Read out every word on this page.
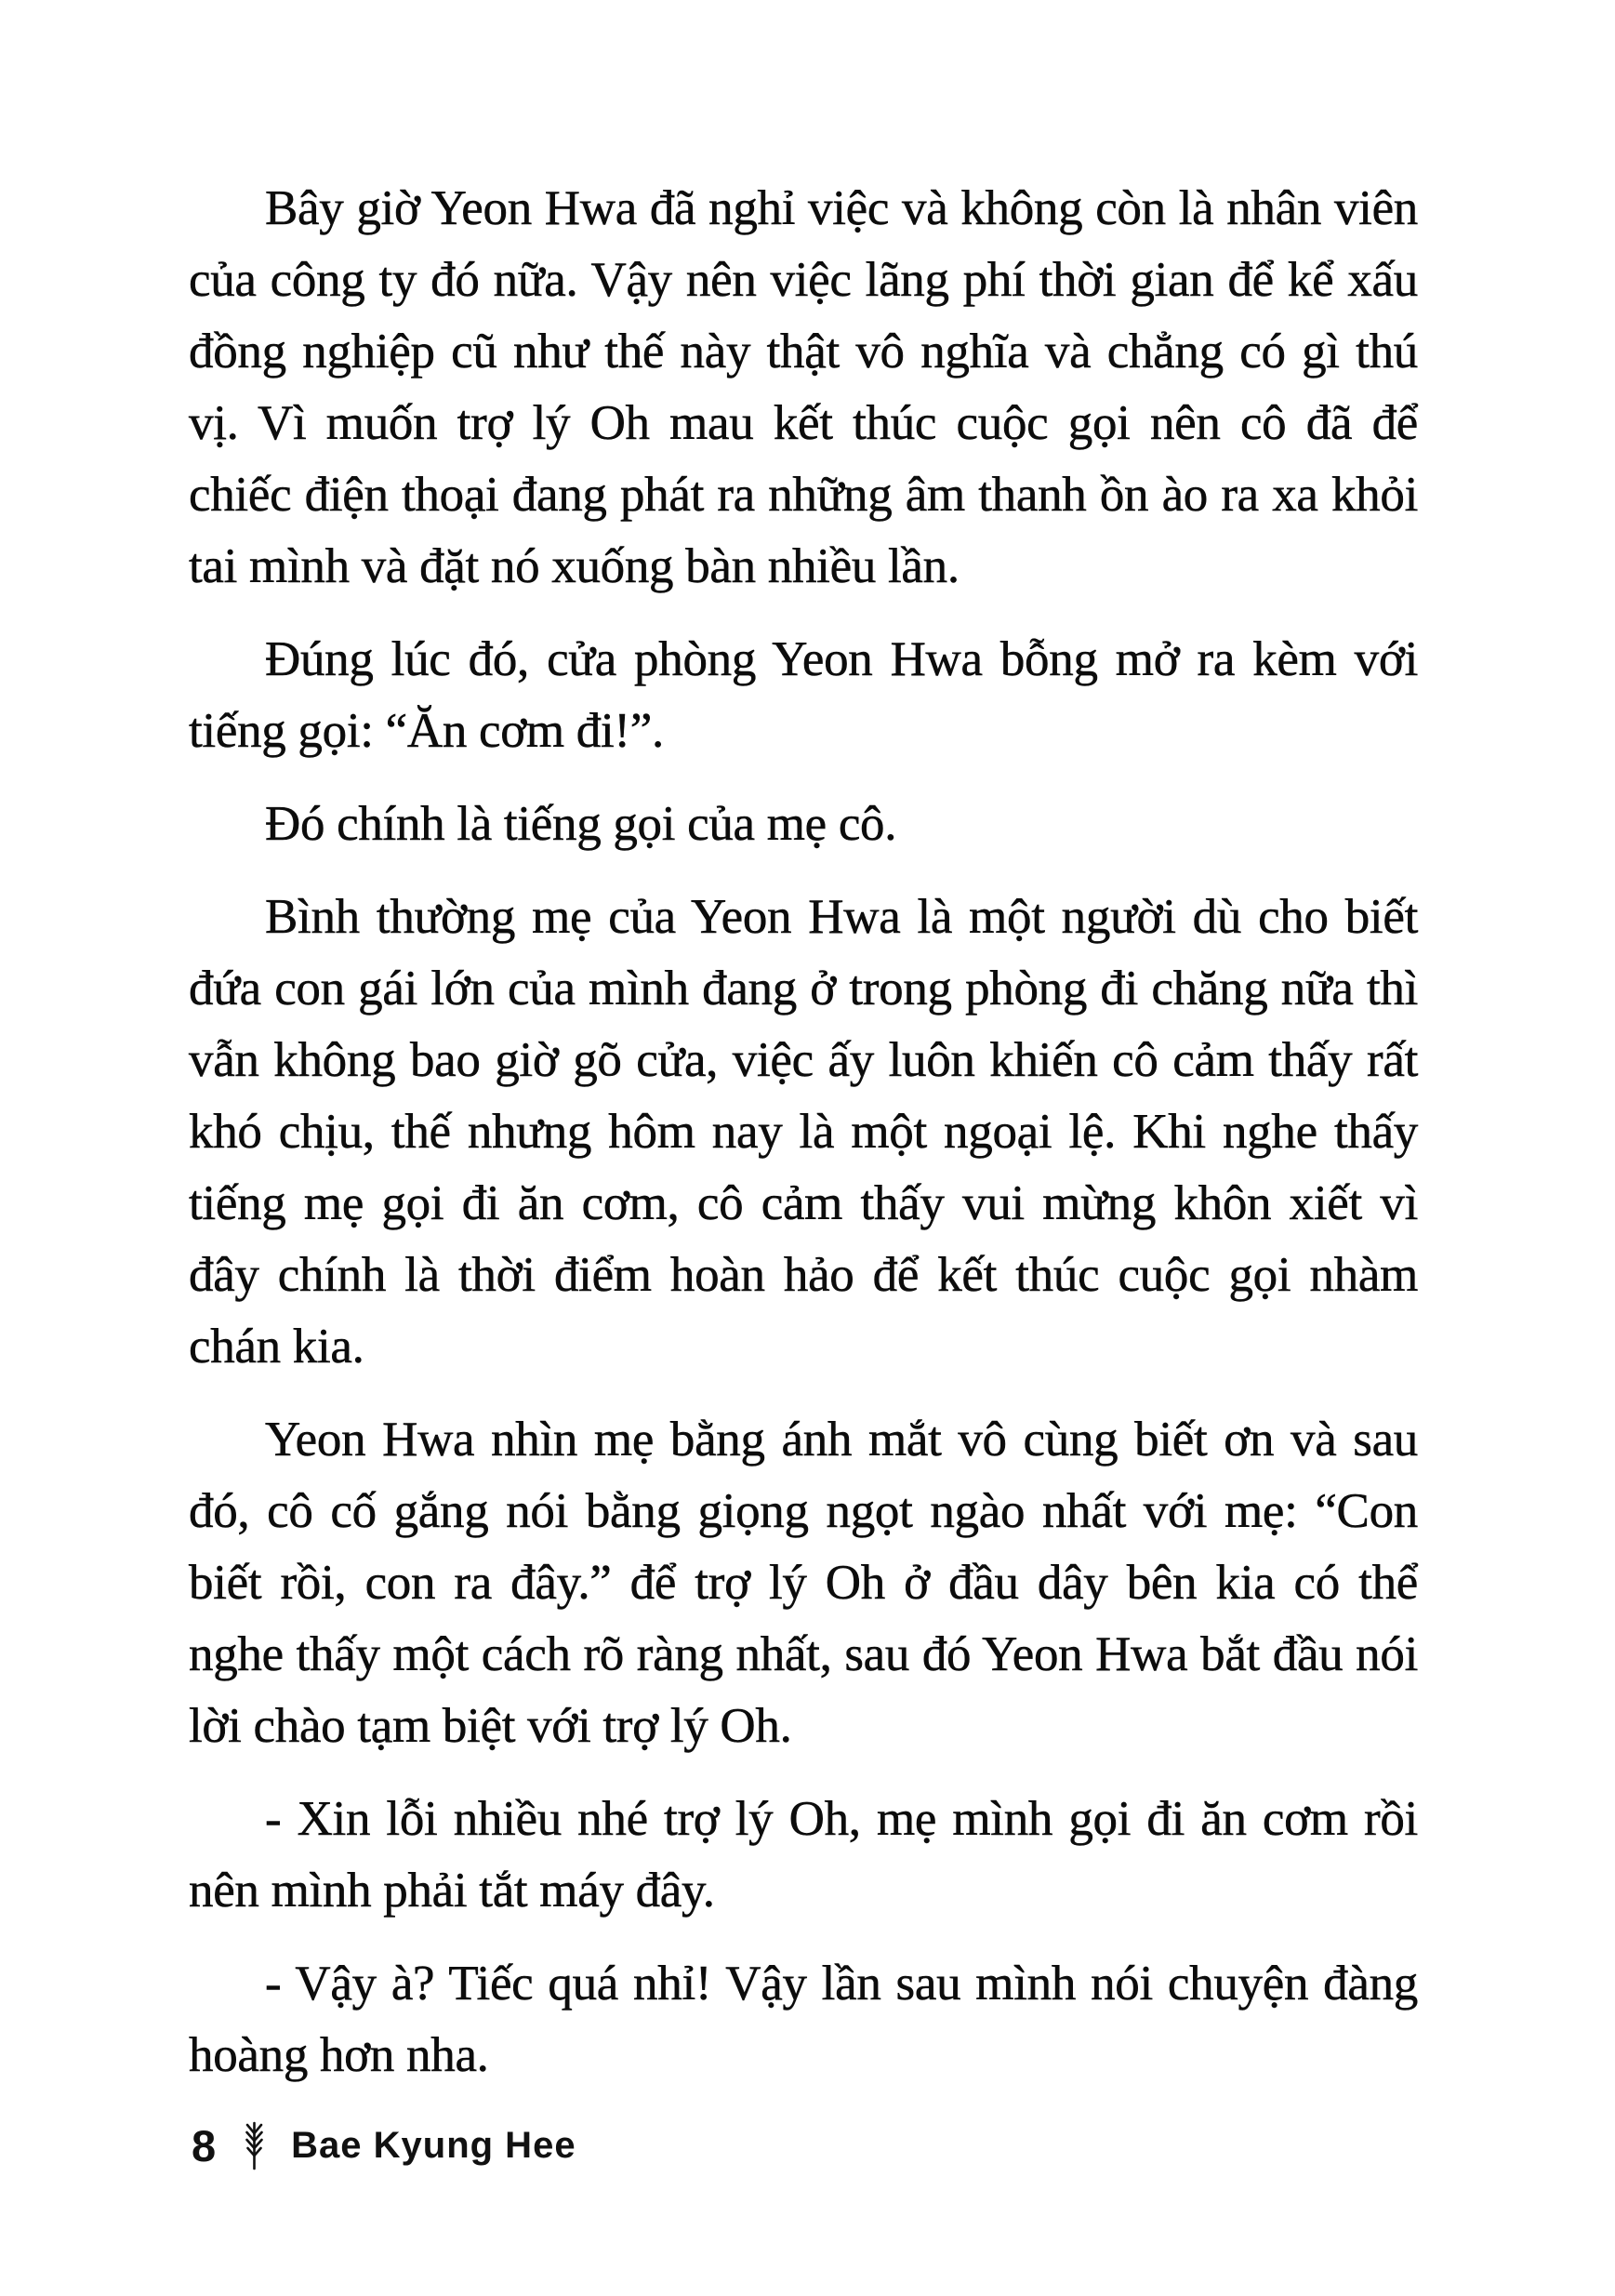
Bây giờ Yeon Hwa đã nghỉ việc và không còn là nhân viên của công ty đó nữa. Vậy nên việc lãng phí thời gian để kể xấu đồng nghiệp cũ như thế này thật vô nghĩa và chẳng có gì thú vị. Vì muốn trợ lý Oh mau kết thúc cuộc gọi nên cô đã để chiếc điện thoại đang phát ra những âm thanh ồn ào ra xa khỏi tai mình và đặt nó xuống bàn nhiều lần.

Đúng lúc đó, cửa phòng Yeon Hwa bỗng mở ra kèm với tiếng gọi: “Ăn cơm đi!”.

Đó chính là tiếng gọi của mẹ cô.

Bình thường mẹ của Yeon Hwa là một người dù cho biết đứa con gái lớn của mình đang ở trong phòng đi chăng nữa thì vẫn không bao giờ gõ cửa, việc ấy luôn khiến cô cảm thấy rất khó chịu, thế nhưng hôm nay là một ngoại lệ. Khi nghe thấy tiếng mẹ gọi đi ăn cơm, cô cảm thấy vui mừng khôn xiết vì đây chính là thời điểm hoàn hảo để kết thúc cuộc gọi nhàm chán kia.

Yeon Hwa nhìn mẹ bằng ánh mắt vô cùng biết ơn và sau đó, cô cố gắng nói bằng giọng ngọt ngào nhất với mẹ: “Con biết rồi, con ra đây.” để trợ lý Oh ở đầu dây bên kia có thể nghe thấy một cách rõ ràng nhất, sau đó Yeon Hwa bắt đầu nói lời chào tạm biệt với trợ lý Oh.

- Xin lỗi nhiều nhé trợ lý Oh, mẹ mình gọi đi ăn cơm rồi nên mình phải tắt máy đây.

- Vậy à? Tiếc quá nhỉ! Vậy lần sau mình nói chuyện đàng hoàng hơn nha.

8 Bae Kyung Hee
